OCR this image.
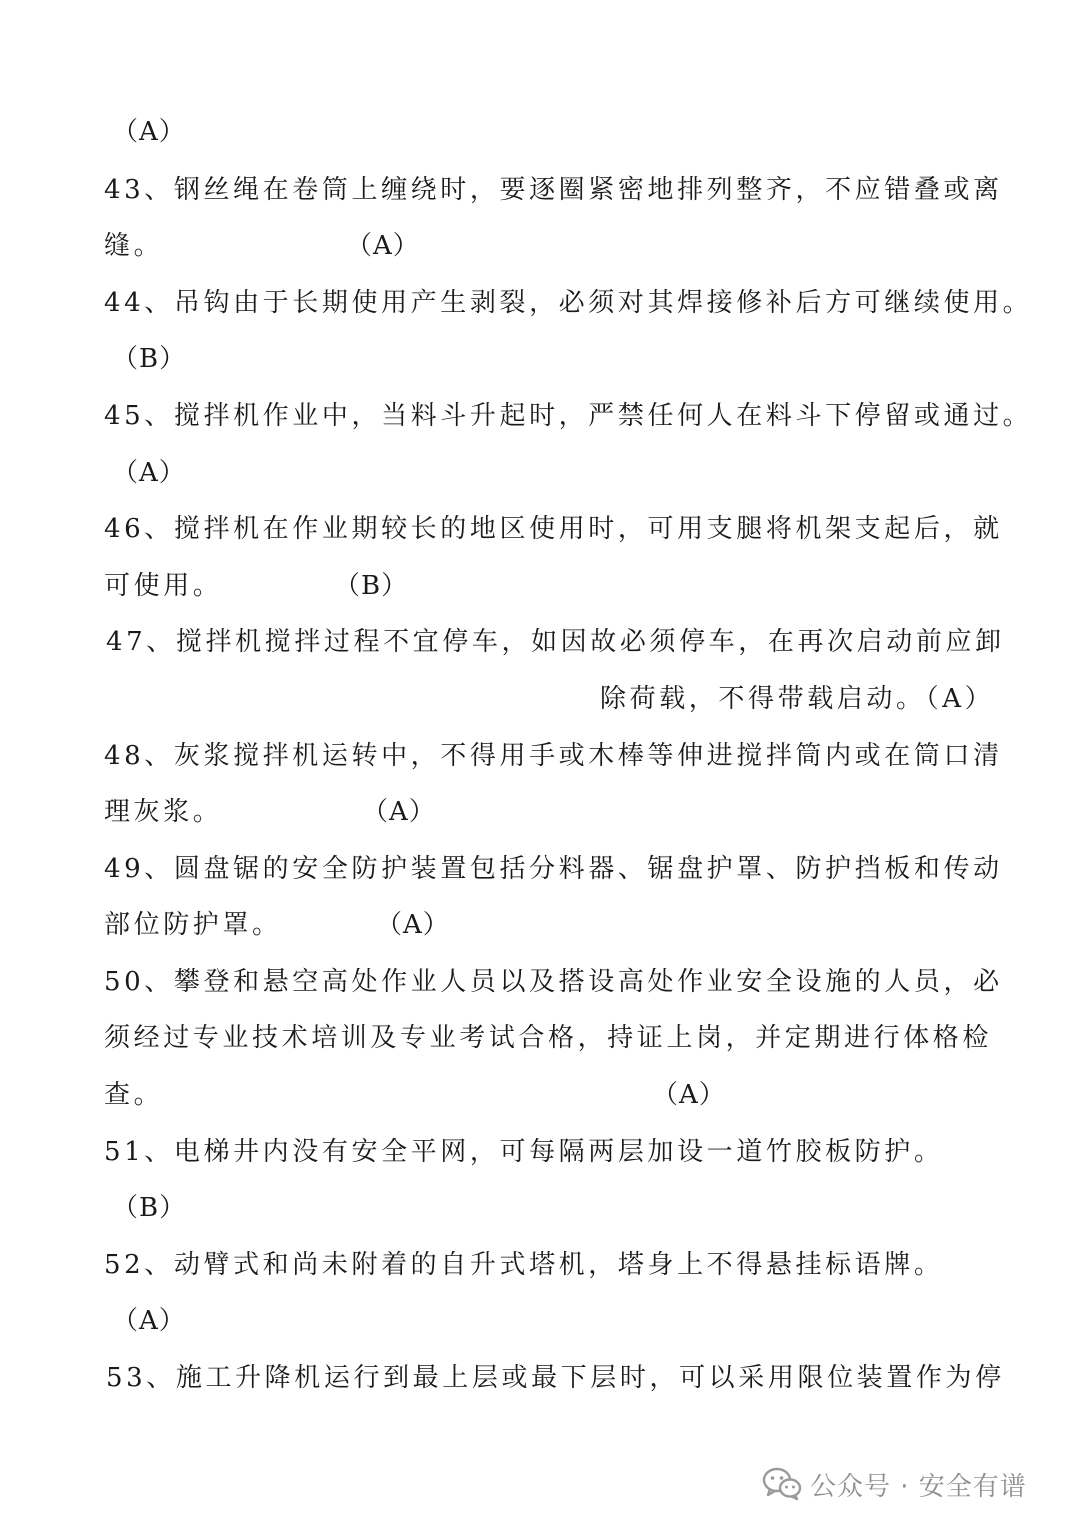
（A）
43、钢丝绳在卷筒上缠绕时，要逐圈紧密地排列整齐，不应错叠或离
缝。	（A）
44、吊钩由于长期使用产生剥裂，必须对其焊接修补后方可继续使用。
（B）
45、搅拌机作业中，当料斗升起时，严禁任何人在料斗下停留或通过。
（A）
46、搅拌机在作业期较长的地区使用时，可用支腿将机架支起后，就
可使用。	（B）
47、搅拌机搅拌过程不宜停车，如因故必须停车，在再次启动前应卸
除荷载，不得带载启动。（A）
48、灰浆搅拌机运转中，不得用手或木棒等伸进搅拌筒内或在筒口清
理灰浆。	（A）
49、圆盘锯的安全防护装置包括分料器、锯盘护罩、防护挡板和传动
部位防护罩。	（A）
50、攀登和悬空高处作业人员以及搭设高处作业安全设施的人员，必
须经过专业技术培训及专业考试合格，持证上岗，并定期进行体格检
查。	（A）
51、电梯井内没有安全平网，可每隔两层加设一道竹胶板防护。
（B）
52、动臂式和尚未附着的自升式塔机，塔身上不得悬挂标语牌。
（A）
53、施工升降机运行到最上层或最下层时，可以采用限位装置作为停
公众号 · 安全有谱
